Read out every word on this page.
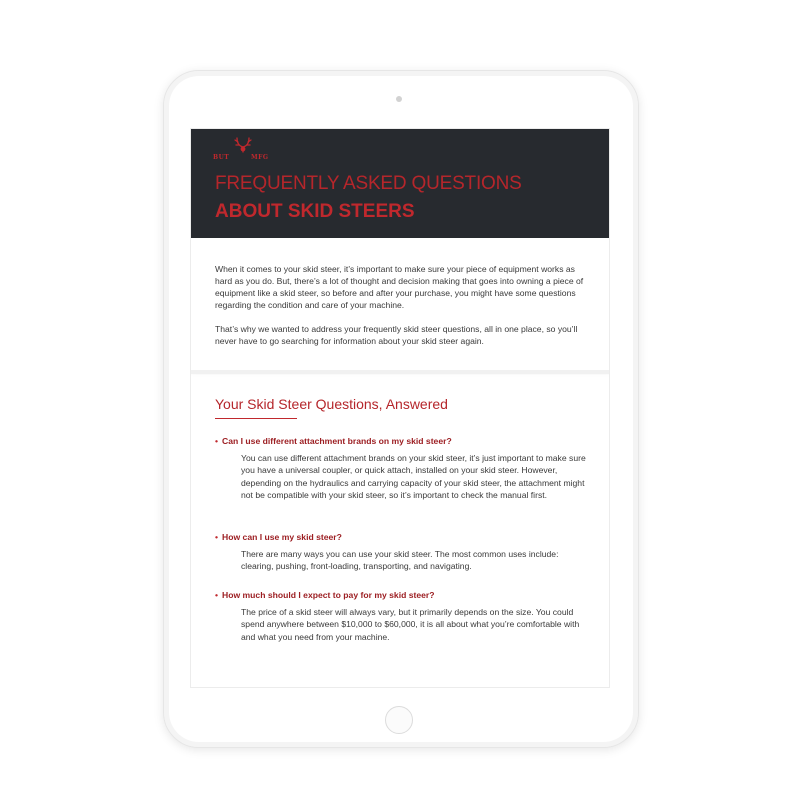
BUT	MFG
FREQUENTLY ASKED QUESTIONS
ABOUT SKID STEERS

When it comes to your skid steer, it’s important to make sure your piece of equipment works as hard as you do. But, there’s a lot of thought and decision making that goes into owning a piece of equipment like a skid steer, so before and after your purchase, you might have some questions regarding the condition and care of your machine.

That’s why we wanted to address your frequently skid steer questions, all in one place, so you’ll never have to go searching for information about your skid steer again.

Your Skid Steer Questions, Answered
• Can I use different attachment brands on my skid steer?

You can use different attachment brands on your skid steer, it’s just important to make sure you have a universal coupler, or quick attach, installed on your skid steer. However, depending on the hydraulics and carrying capacity of your skid steer, the attachment might not be compatible with your skid steer, so it’s important to check the manual first.

• How can I use my skid steer?

There are many ways you can use your skid steer. The most common uses include: clearing, pushing, front-loading, transporting, and navigating.

• How much should I expect to pay for my skid steer?

The price of a skid steer will always vary, but it primarily depends on the size. You could spend anywhere between $10,000 to $60,000, it is all about what you’re comfortable with and what you need from your machine.
